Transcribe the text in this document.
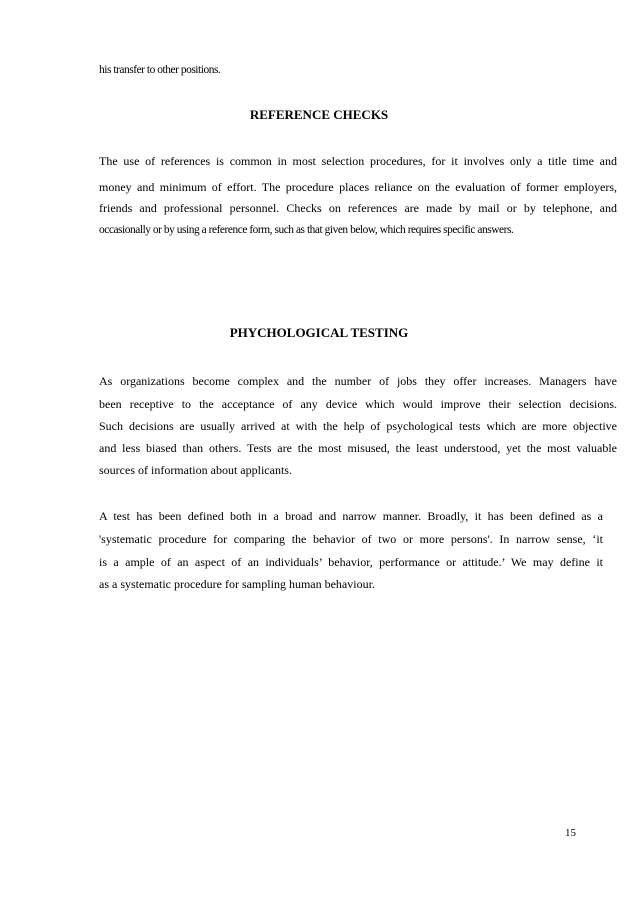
his transfer to other positions.
REFERENCE CHECKS
The use of references is common in most selection procedures, for it involves only a title time and
money and minimum of effort. The procedure places reliance on the evaluation of former employers,
friends and professional personnel. Checks on references are made by mail or by telephone, and
occasionally or by using a reference form, such as that given below, which requires specific answers.
PHYCHOLOGICAL TESTING
As organizations become complex and the number of jobs they offer increases. Managers have
been receptive to the acceptance of any device which would improve their selection decisions.
Such decisions are usually arrived at with the help of psychological tests which are more objective
and less biased than others. Tests are the most misused, the least understood, yet the most valuable
sources of information about applicants.
A test has been defined both in a broad and narrow manner. Broadly, it has been defined as a
'systematic procedure for comparing the behavior of two or more persons'. In narrow sense, ‘it
is a ample of an aspect of an individuals’ behavior, performance or attitude.’ We may define it
as a systematic procedure for sampling human behaviour.
15
